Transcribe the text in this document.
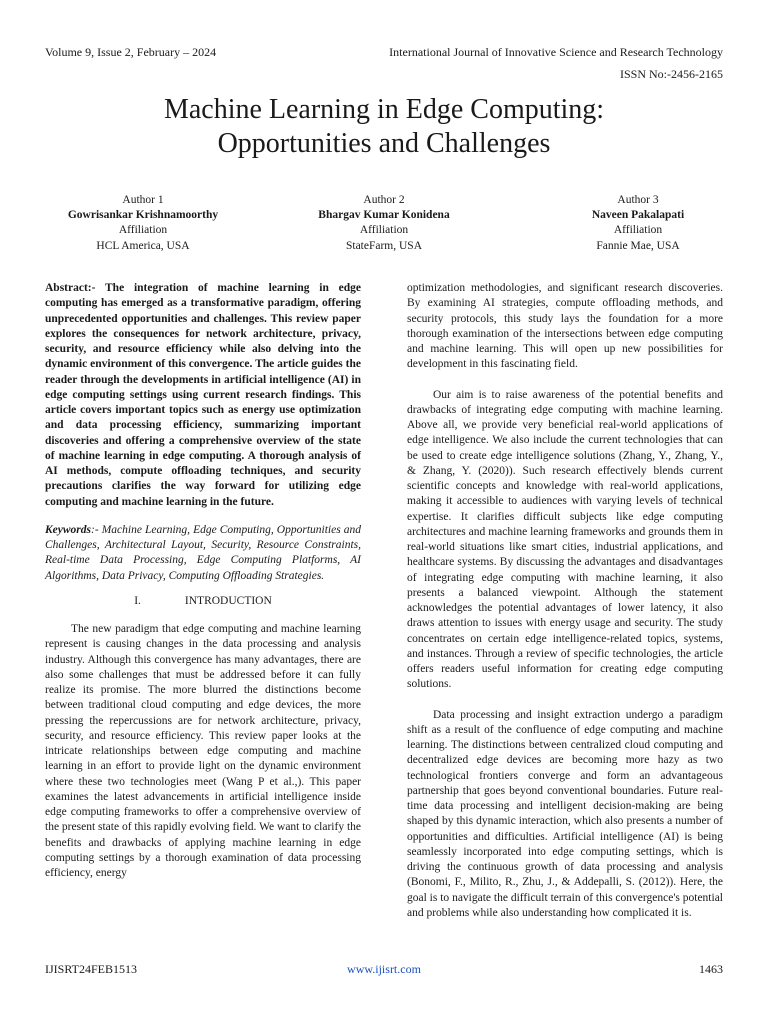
Volume 9, Issue 2, February – 2024	International Journal of Innovative Science and Research Technology
ISSN No:-2456-2165
Machine Learning in Edge Computing:
Opportunities and Challenges
Author 1
Gowrisankar Krishnamoorthy
Affiliation
HCL America, USA
Author 2
Bhargav Kumar Konidena
Affiliation
StateFarm, USA
Author 3
Naveen Pakalapati
Affiliation
Fannie Mae, USA

Abstract:- The integration of machine learning in edge computing has emerged as a transformative paradigm, offering unprecedented opportunities and challenges. This review paper explores the consequences for network architecture, privacy, security, and resource efficiency while also delving into the dynamic environment of this convergence. The article guides the reader through the developments in artificial intelligence (AI) in edge computing settings using current research findings. This article covers important topics such as energy use optimization and data processing efficiency, summarizing important discoveries and offering a comprehensive overview of the state of machine learning in edge computing. A thorough analysis of AI methods, compute offloading techniques, and security precautions clarifies the way forward for utilizing edge computing and machine learning in the future.

Keywords:- Machine Learning, Edge Computing, Opportunities and Challenges, Architectural Layout, Security, Resource Constraints, Real-time Data Processing, Edge Computing Platforms, AI Algorithms, Data Privacy, Computing Offloading Strategies.

I.	INTRODUCTION

The new paradigm that edge computing and machine learning represent is causing changes in the data processing and analysis industry. Although this convergence has many advantages, there are also some challenges that must be addressed before it can fully realize its promise. The more blurred the distinctions become between traditional cloud computing and edge devices, the more pressing the repercussions are for network architecture, privacy, security, and resource efficiency. This review paper looks at the intricate relationships between edge computing and machine learning in an effort to provide light on the dynamic environment where these two technologies meet (Wang P et al.,). This paper examines the latest advancements in artificial intelligence inside edge computing frameworks to offer a comprehensive overview of the present state of this rapidly evolving field. We want to clarify the benefits and drawbacks of applying machine learning in edge computing settings by a thorough examination of data processing efficiency, energy

optimization methodologies, and significant research discoveries. By examining AI strategies, compute offloading methods, and security protocols, this study lays the foundation for a more thorough examination of the intersections between edge computing and machine learning. This will open up new possibilities for development in this fascinating field.

Our aim is to raise awareness of the potential benefits and drawbacks of integrating edge computing with machine learning. Above all, we provide very beneficial real-world applications of edge intelligence. We also include the current technologies that can be used to create edge intelligence solutions (Zhang, Y., Zhang, Y., & Zhang, Y. (2020)). Such research effectively blends current scientific concepts and knowledge with real-world applications, making it accessible to audiences with varying levels of technical expertise. It clarifies difficult subjects like edge computing architectures and machine learning frameworks and grounds them in real-world situations like smart cities, industrial applications, and healthcare systems. By discussing the advantages and disadvantages of integrating edge computing with machine learning, it also presents a balanced viewpoint. Although the statement acknowledges the potential advantages of lower latency, it also draws attention to issues with energy usage and security. The study concentrates on certain edge intelligence-related topics, systems, and instances. Through a review of specific technologies, the article offers readers useful information for creating edge computing solutions.

Data processing and insight extraction undergo a paradigm shift as a result of the confluence of edge computing and machine learning. The distinctions between centralized cloud computing and decentralized edge devices are becoming more hazy as two technological frontiers converge and form an advantageous partnership that goes beyond conventional boundaries. Future real-time data processing and intelligent decision-making are being shaped by this dynamic interaction, which also presents a number of opportunities and difficulties. Artificial intelligence (AI) is being seamlessly incorporated into edge computing settings, which is driving the continuous growth of data processing and analysis (Bonomi, F., Milito, R., Zhu, J., & Addepalli, S. (2012)). Here, the goal is to navigate the difficult terrain of this convergence's potential and problems while also understanding how complicated it is.

IJISRT24FEB1513	www.ijisrt.com	1463
